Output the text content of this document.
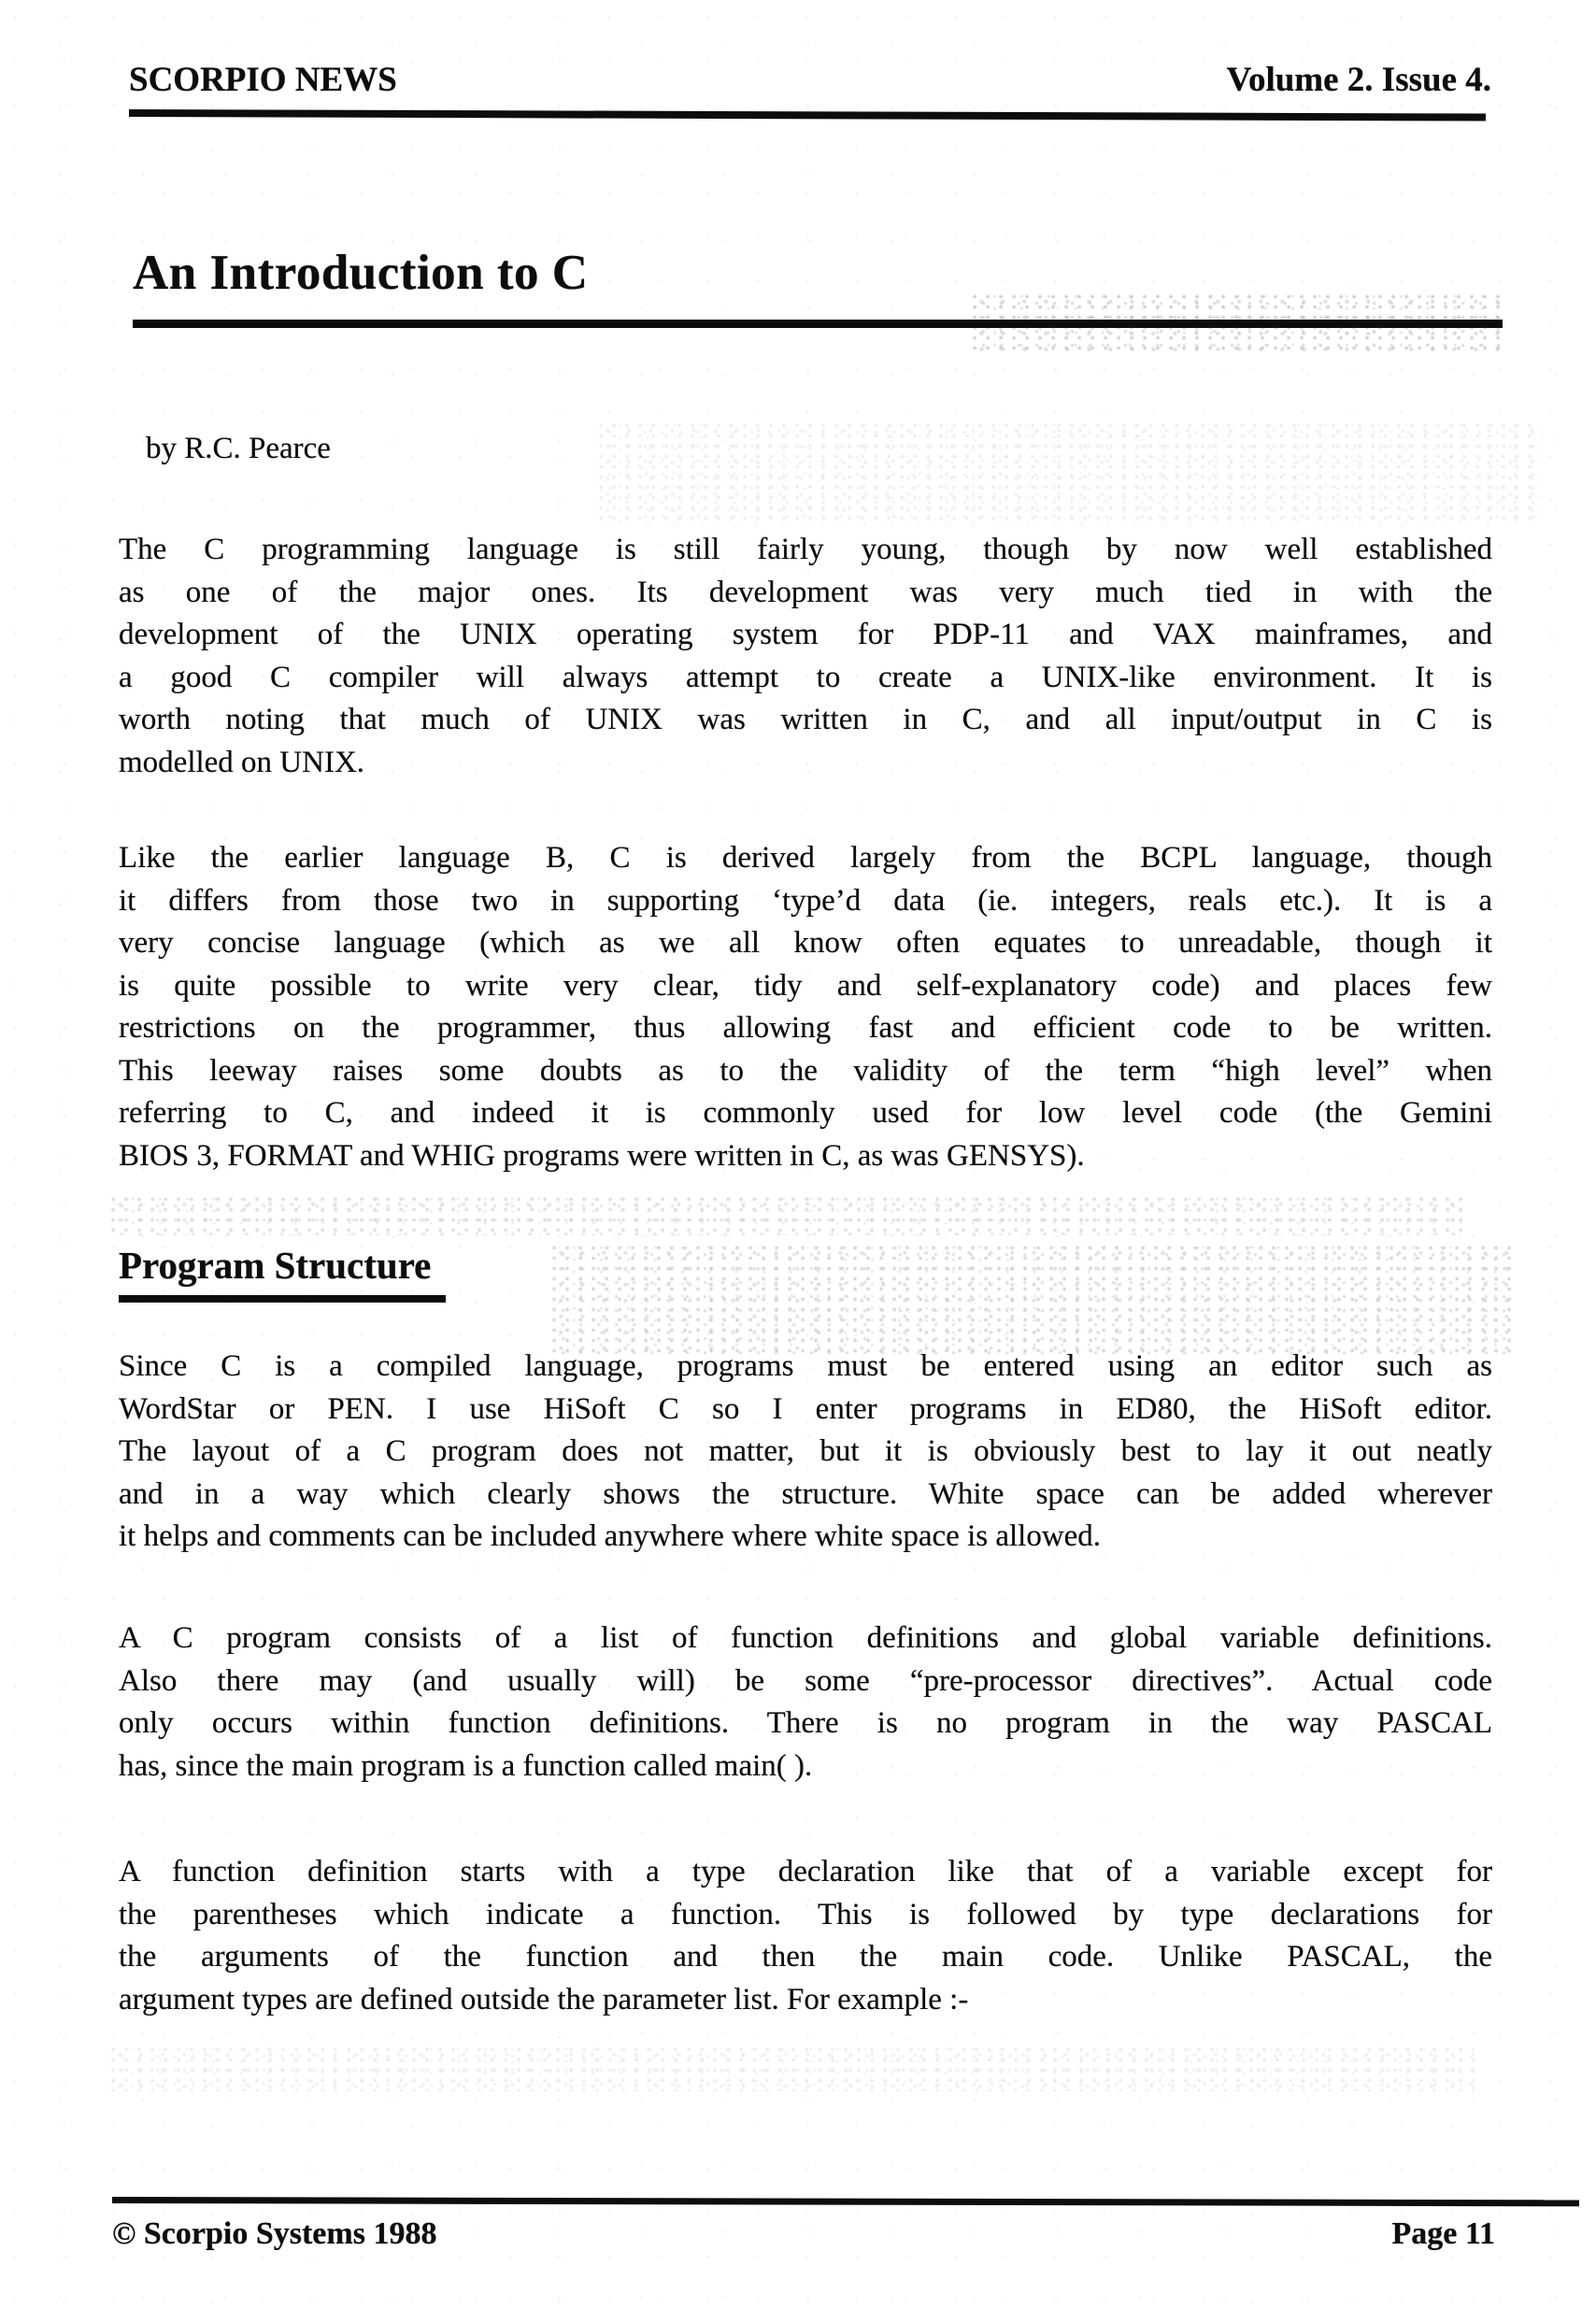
SCORPIO NEWS	Volume 2. Issue 4.
An Introduction to C
by R.C. Pearce
The C programming language is still fairly young, though by now well established
as one of the major ones. Its development was very much tied in with the
development of the UNIX operating system for PDP-11 and VAX mainframes, and
a good C compiler will always attempt to create a UNIX-like environment. It is
worth noting that much of UNIX was written in C, and all input/output in C is
modelled on UNIX.
Like the earlier language B, C is derived largely from the BCPL language, though
it differs from those two in supporting ‘type’d data (ie. integers, reals etc.). It is a
very concise language (which as we all know often equates to unreadable, though it
is quite possible to write very clear, tidy and self-explanatory code) and places few
restrictions on the programmer, thus allowing fast and efficient code to be written.
This leeway raises some doubts as to the validity of the term “high level” when
referring to C, and indeed it is commonly used for low level code (the Gemini
BIOS 3, FORMAT and WHIG programs were written in C, as was GENSYS).
Program Structure
Since C is a compiled language, programs must be entered using an editor such as
WordStar or PEN. I use HiSoft C so I enter programs in ED80, the HiSoft editor.
The layout of a C program does not matter, but it is obviously best to lay it out neatly
and in a way which clearly shows the structure. White space can be added wherever
it helps and comments can be included anywhere where white space is allowed.
A C program consists of a list of function definitions and global variable definitions.
Also there may (and usually will) be some “pre-processor directives”. Actual code
only occurs within function definitions. There is no program in the way PASCAL
has, since the main program is a function called main( ).
A function definition starts with a type declaration like that of a variable except for
the parentheses which indicate a function. This is followed by type declarations for
the arguments of the function and then the main code. Unlike PASCAL, the
argument types are defined outside the parameter list. For example :-
© Scorpio Systems 1988	Page 11
